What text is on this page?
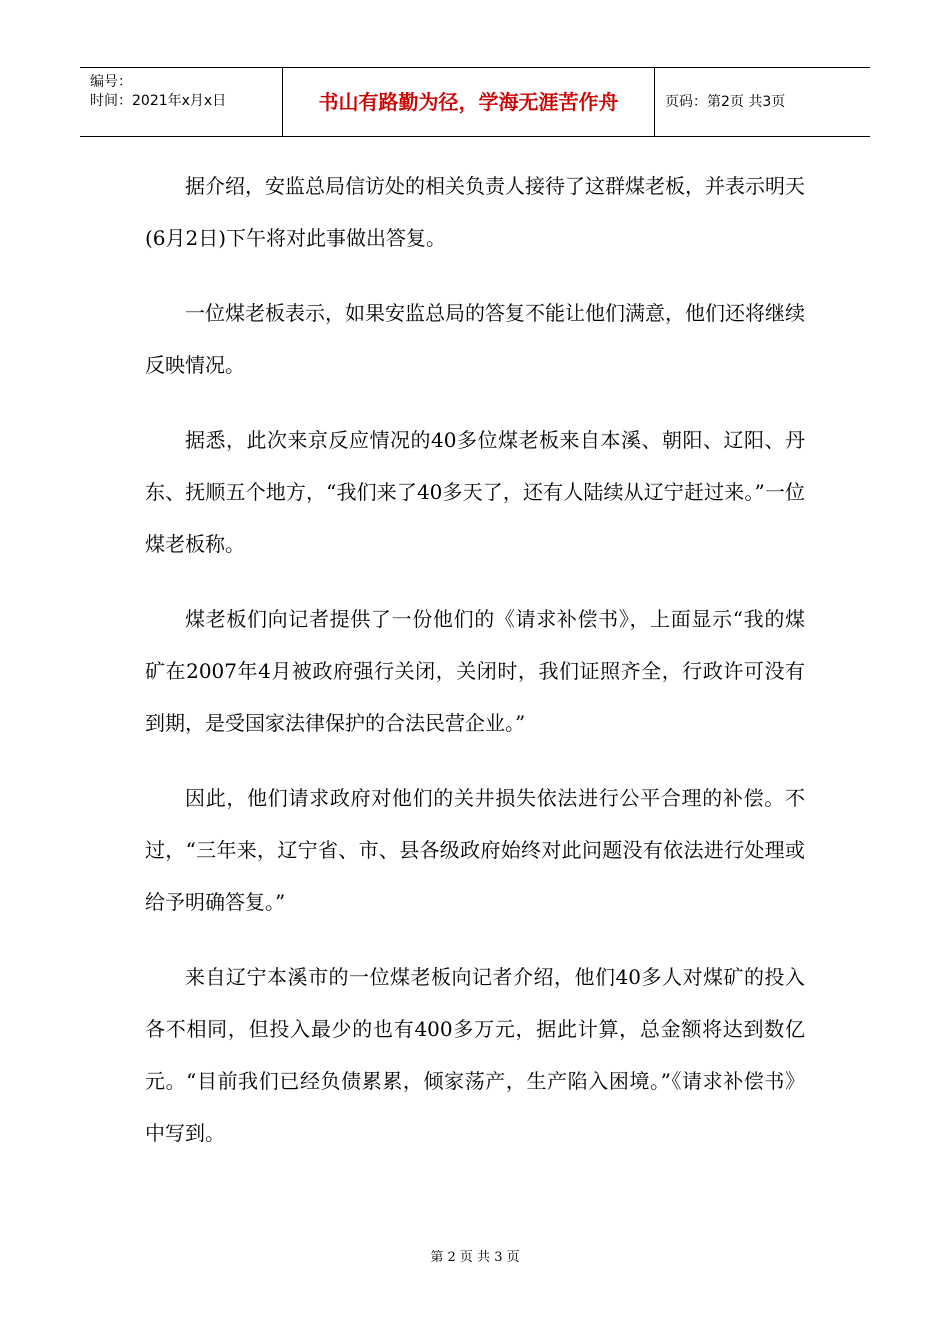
编号：
时间：2021年x月x日	书山有路勤为径，学海无涯苦作舟	页码：第2页 共3页

据介绍，安监总局信访处的相关负责人接待了这群煤老板，并表示明天(6月2日)下午将对此事做出答复。

一位煤老板表示，如果安监总局的答复不能让他们满意，他们还将继续反映情况。

据悉，此次来京反应情况的40多位煤老板来自本溪、朝阳、辽阳、丹东、抚顺五个地方，“我们来了40多天了，还有人陆续从辽宁赶过来。”一位煤老板称。

煤老板们向记者提供了一份他们的《请求补偿书》，上面显示“我的煤矿在2007年4月被政府强行关闭，关闭时，我们证照齐全，行政许可没有到期，是受国家法律保护的合法民营企业。”

因此，他们请求政府对他们的关井损失依法进行公平合理的补偿。不过，“三年来，辽宁省、市、县各级政府始终对此问题没有依法进行处理或给予明确答复。”

来自辽宁本溪市的一位煤老板向记者介绍，他们40多人对煤矿的投入各不相同，但投入最少的也有400多万元，据此计算，总金额将达到数亿元。“目前我们已经负债累累，倾家荡产，生产陷入困境。”《请求补偿书》中写到。

第 2 页 共 3 页
